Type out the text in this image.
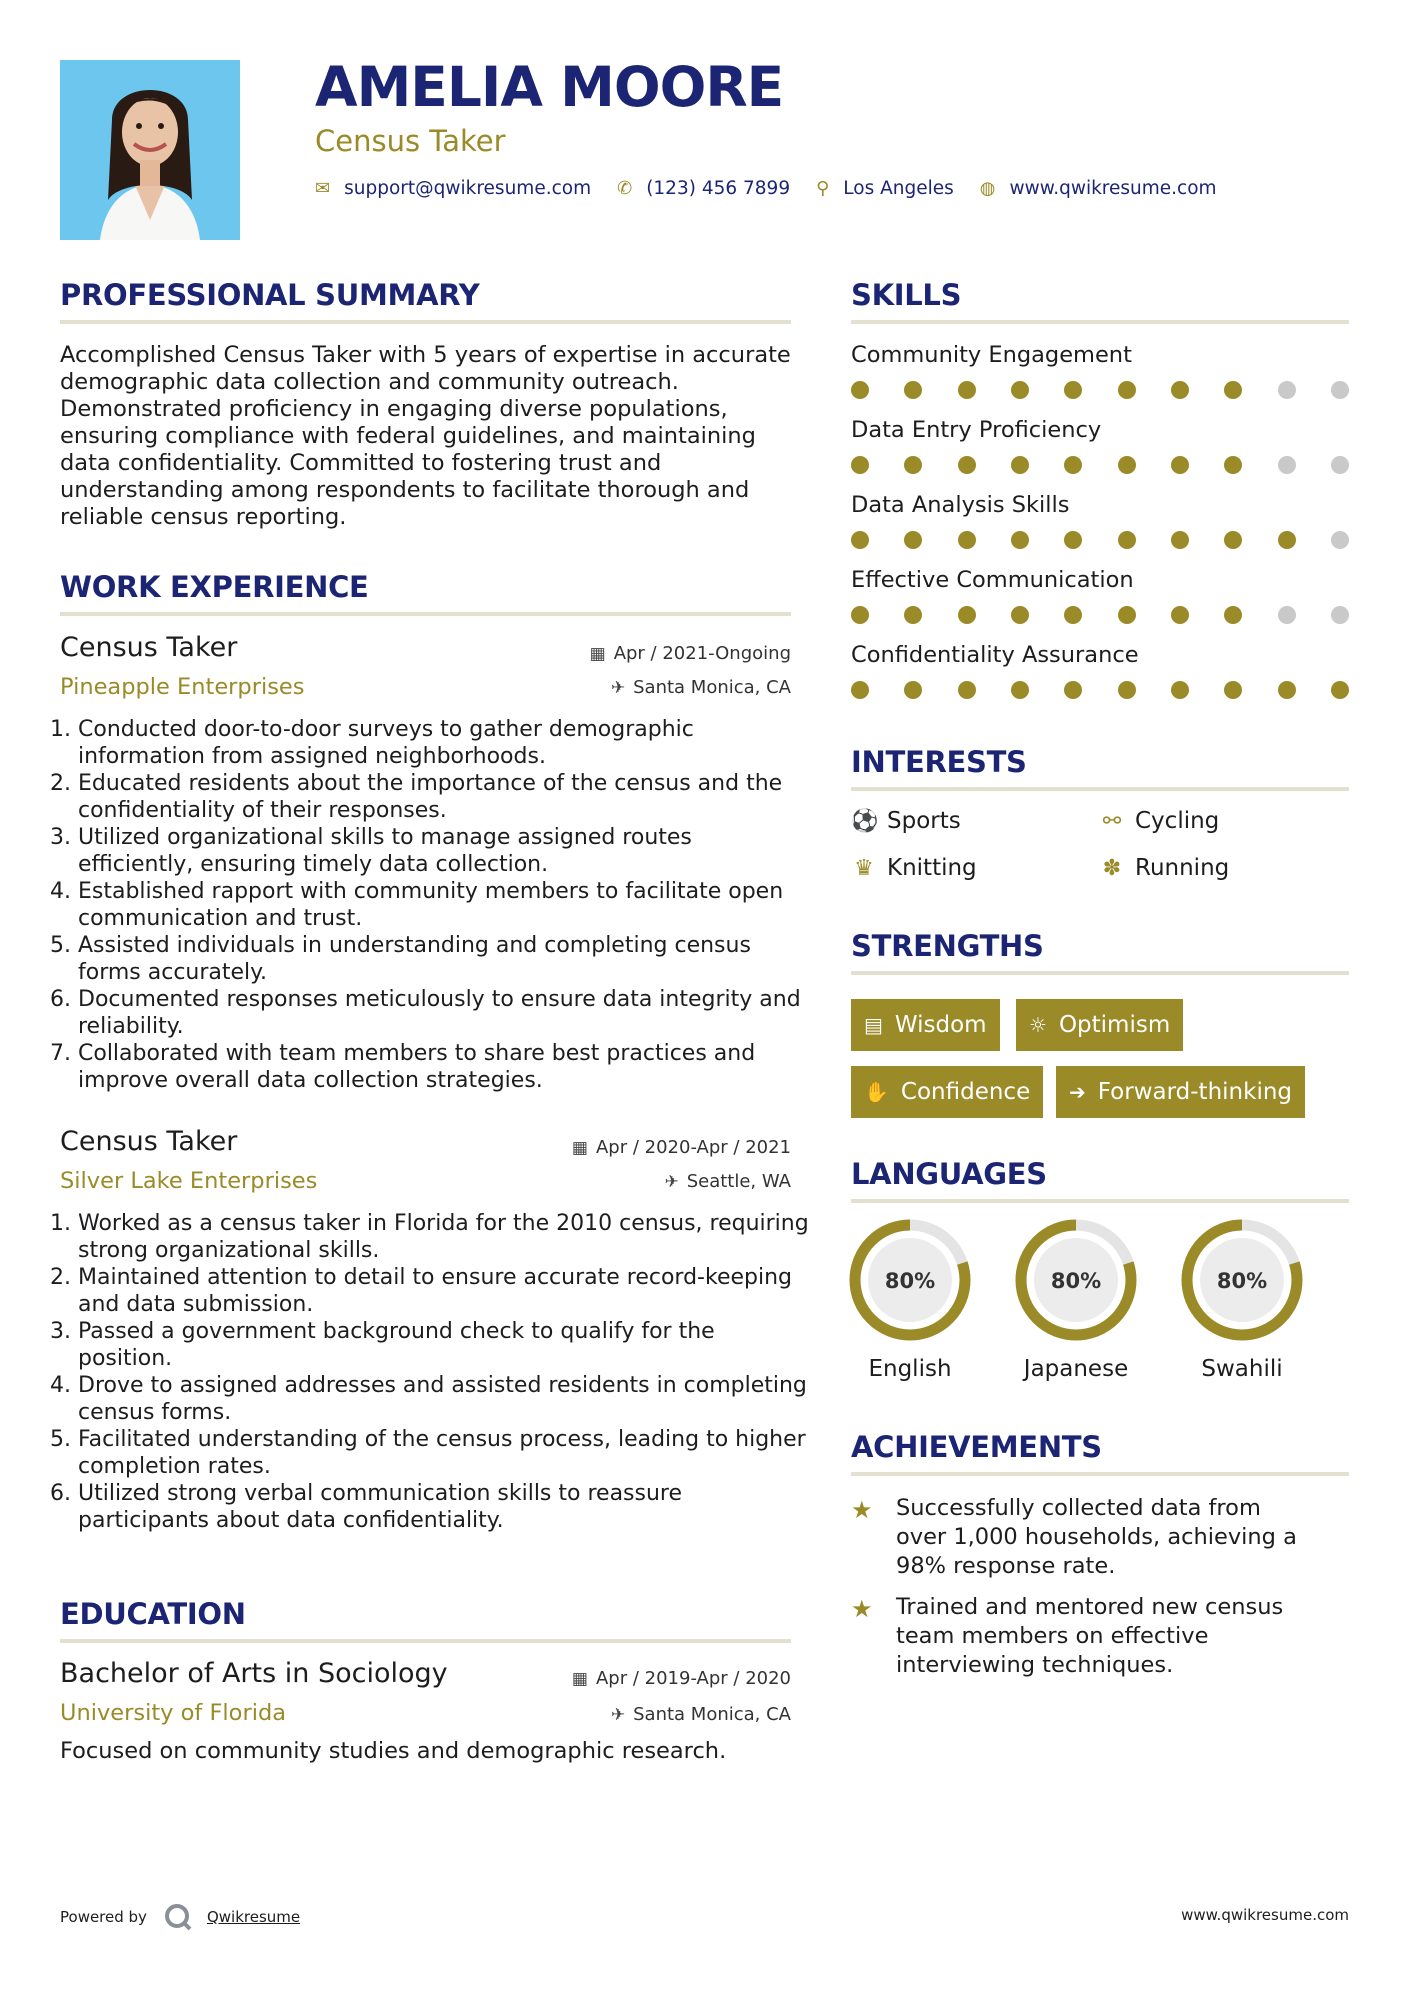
AMELIA MOORE
Census Taker
✉ support@qwikresume.com ✆ (123) 456 7899 ⚲ Los Angeles ◍ www.qwikresume.com
PROFESSIONAL SUMMARY
Accomplished Census Taker with 5 years of expertise in accurate demographic data collection and community outreach. Demonstrated proficiency in engaging diverse populations, ensuring compliance with federal guidelines, and maintaining data confidentiality. Committed to fostering trust and understanding among respondents to facilitate thorough and reliable census reporting.
WORK EXPERIENCE
Census Taker
Pineapple Enterprises
▦ Apr / 2021-Ongoing
✈ Santa Monica, CA
1. Conducted door-to-door surveys to gather demographic information from assigned neighborhoods.
2. Educated residents about the importance of the census and the confidentiality of their responses.
3. Utilized organizational skills to manage assigned routes efficiently, ensuring timely data collection.
4. Established rapport with community members to facilitate open communication and trust.
5. Assisted individuals in understanding and completing census forms accurately.
6. Documented responses meticulously to ensure data integrity and reliability.
7. Collaborated with team members to share best practices and improve overall data collection strategies.
Census Taker
Silver Lake Enterprises
▦ Apr / 2020-Apr / 2021
✈ Seattle, WA
1. Worked as a census taker in Florida for the 2010 census, requiring strong organizational skills.
2. Maintained attention to detail to ensure accurate record-keeping and data submission.
3. Passed a government background check to qualify for the position.
4. Drove to assigned addresses and assisted residents in completing census forms.
5. Facilitated understanding of the census process, leading to higher completion rates.
6. Utilized strong verbal communication skills to reassure participants about data confidentiality.
EDUCATION
Bachelor of Arts in Sociology
University of Florida
▦ Apr / 2019-Apr / 2020
✈ Santa Monica, CA
Focused on community studies and demographic research.
SKILLS
Community Engagement
Data Entry Proficiency
Data Analysis Skills
Effective Communication
Confidentiality Assurance
INTERESTS
⚽ Sports	⚯ Cycling
♛ Knitting	✽ Running
STRENGTHS
▤ Wisdom ☼ Optimism
✋ Confidence ➔ Forward-thinking
LANGUAGES
80%	80%	80%
English	Japanese	Swahili
ACHIEVEMENTS
★ Successfully collected data from over 1,000 households, achieving a 98% response rate.
★ Trained and mentored new census team members on effective interviewing techniques.
Powered by	Qwikresume	www.qwikresume.com
